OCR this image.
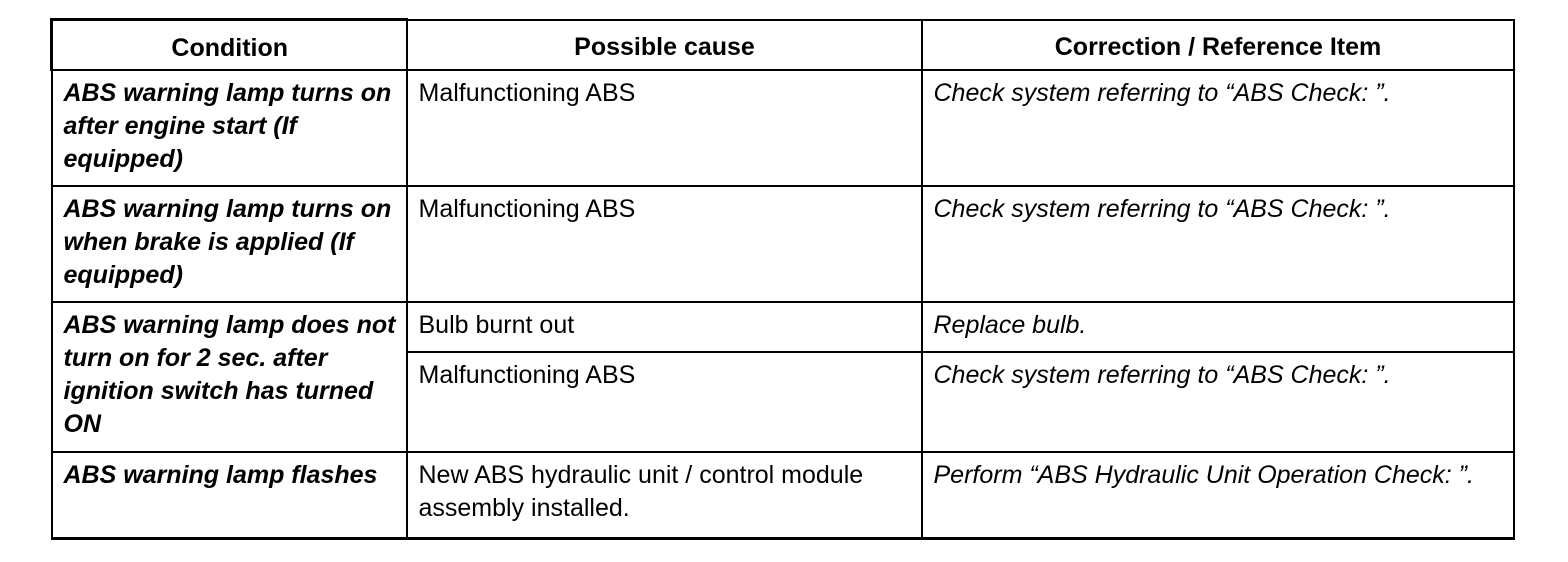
Condition	Possible cause	Correction / Reference Item
ABS warning lamp turns on after engine start (If equipped)	Malfunctioning ABS	Check system referring to “ABS Check: ”.
ABS warning lamp turns on when brake is applied (If equipped)	Malfunctioning ABS	Check system referring to “ABS Check: ”.
ABS warning lamp does not turn on for 2 sec. after ignition switch has turned ON	Bulb burnt out	Replace bulb.
	Malfunctioning ABS	Check system referring to “ABS Check: ”.
ABS warning lamp flashes	New ABS hydraulic unit / control module assembly installed.	Perform “ABS Hydraulic Unit Operation Check: ”.
